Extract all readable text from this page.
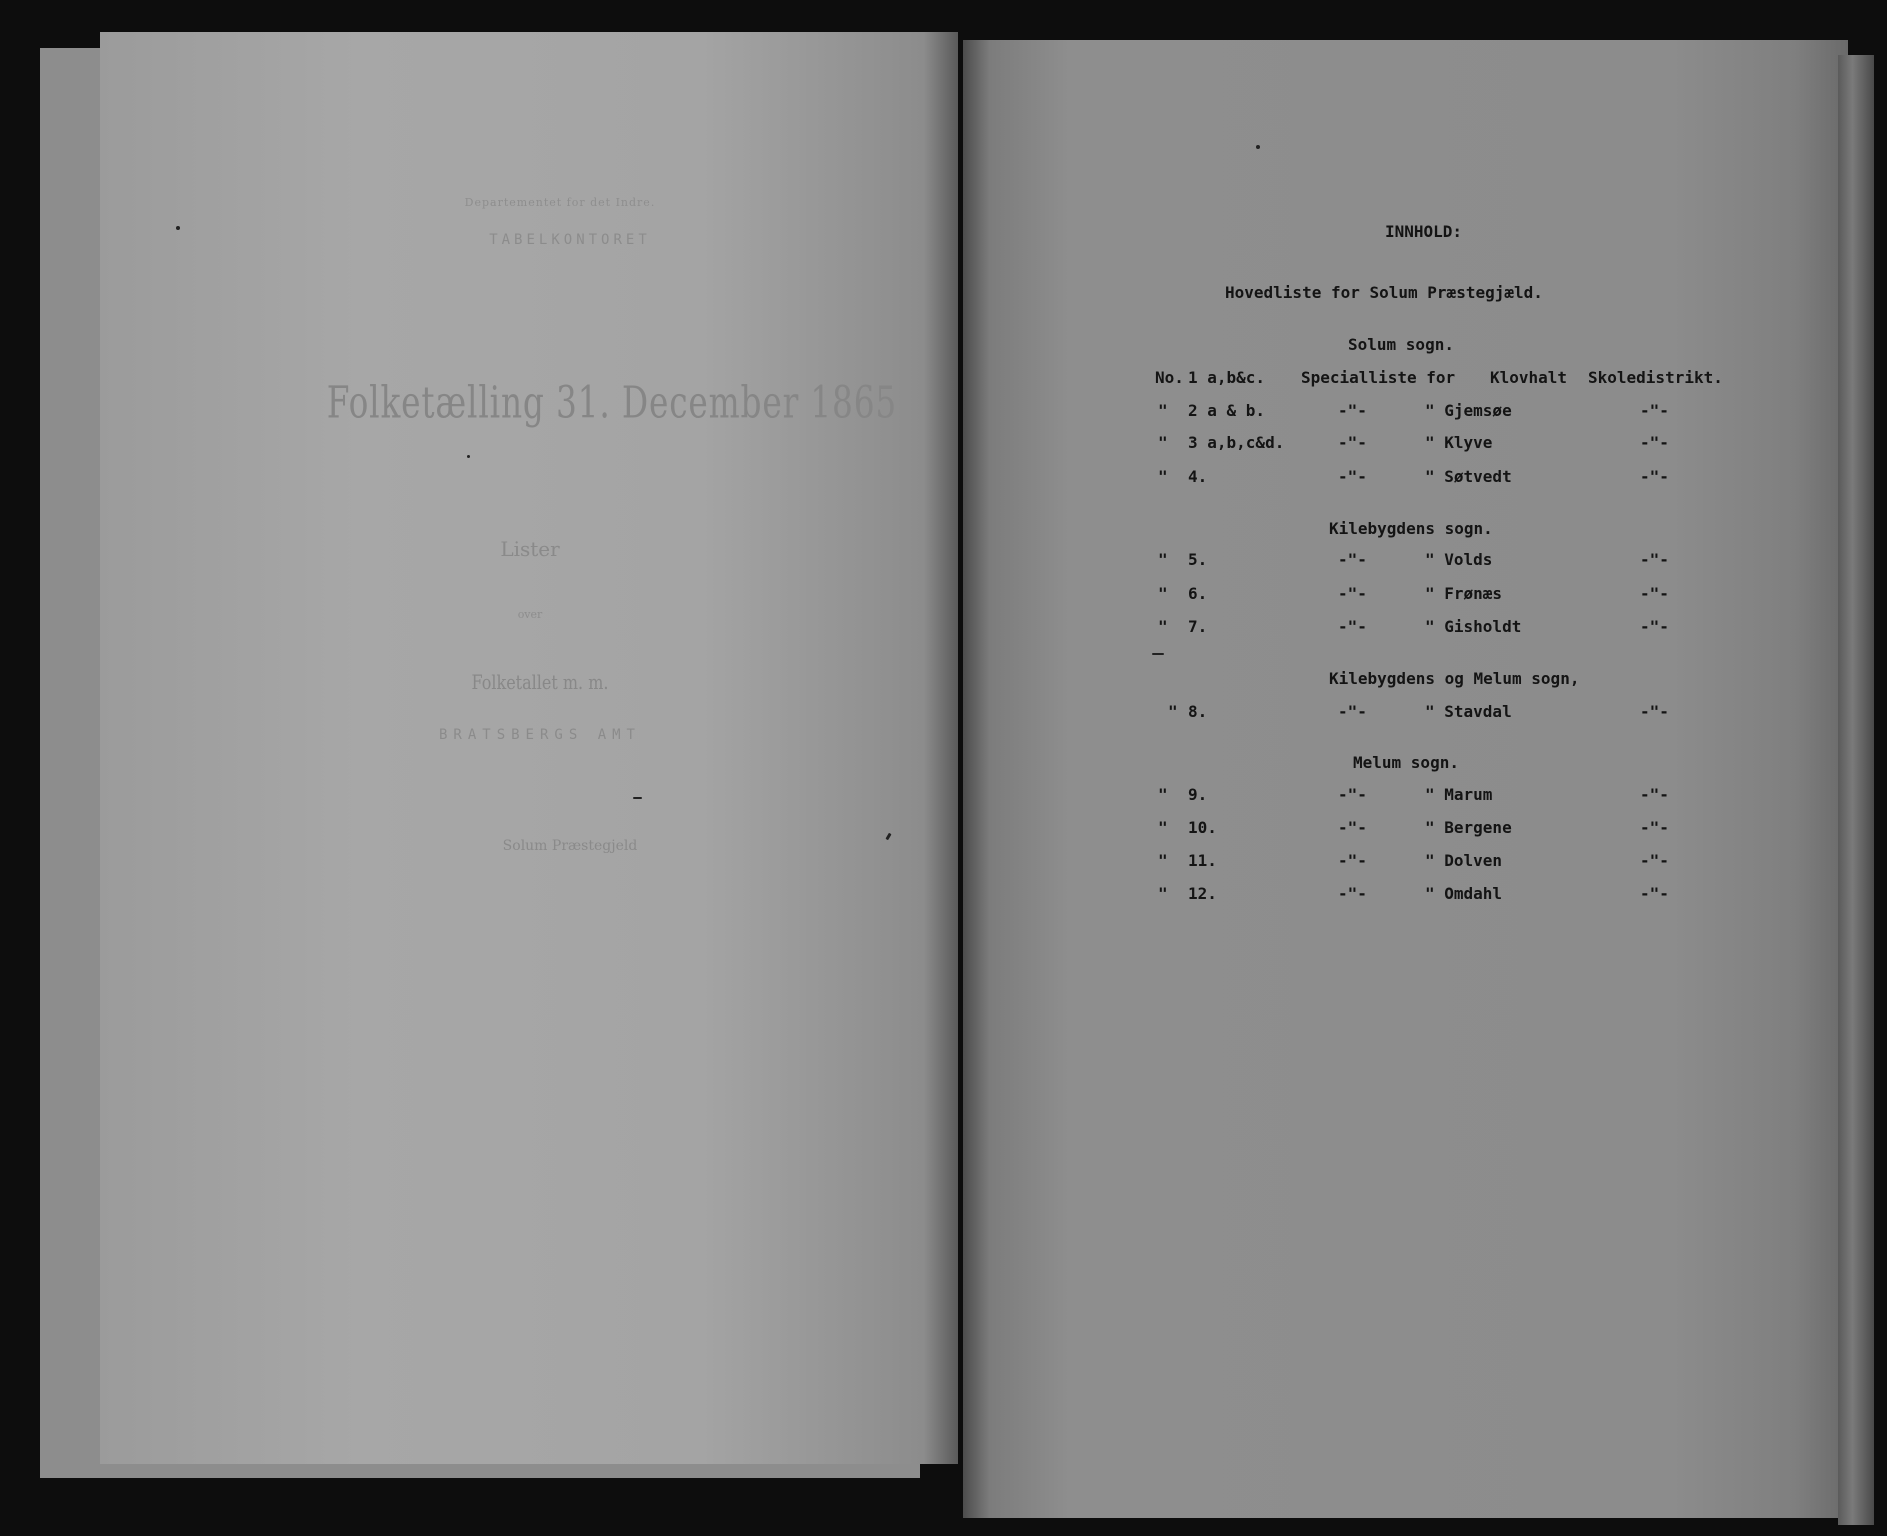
Departementet for det Indre.
TABELKONTORET
Folketælling 31. December 1865
Lister
over
Folketallet m. m.
BRATSBERGS AMT
Solum Præstegjeld
INNHOLD:
Hovedliste for Solum Præstegjæld.
Solum sogn.
Kilebygdens sogn.
Kilebygdens og Melum sogn,
Melum sogn.
No. 1 a,b&c. Specialliste for Klovhalt Skoledistrikt.
" 2 a & b.	-"-	" Gjemsøe	-"-
" 3 a,b,c&d.	-"-	" Klyve	-"-
" 4.	-"-	" Søtvedt	-"-
" 5.	-"-	" Volds	-"-
" 6.	-"-	" Frønæs	-"-
" 7.	-"-	" Gisholdt	-"-
" 8.	-"-	" Stavdal	-"-
" 9.	-"-	" Marum	-"-
" 10.	-"-	" Bergene	-"-
" 11.	-"-	" Dolven	-"-
" 12.	-"-	" Omdahl	-"-
